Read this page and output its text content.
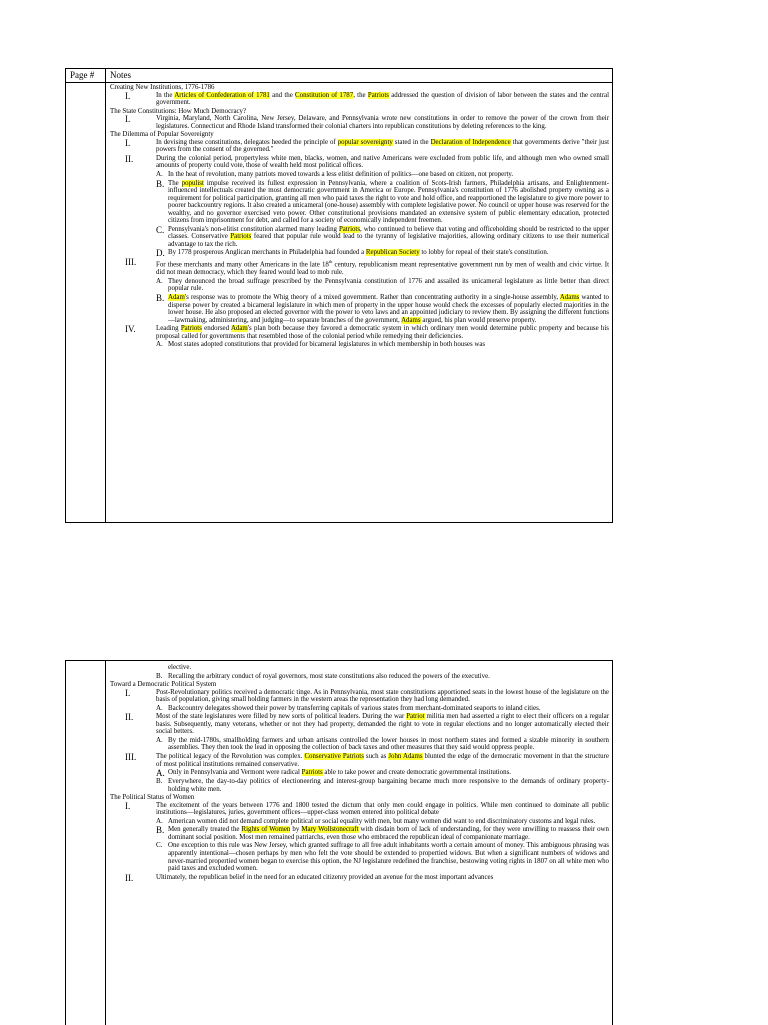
Page # Notes

Creating New Institutions, 1776-1786

I.	In the Articles of Confederation of 1781 and the Constitution of 1787, the Patriots addressed the question of division of labor between the states and the central government.

The State Constitutions: How Much Democracy?

I.	Virginia, Maryland, North Carolina, New Jersey, Delaware, and Pennsylvania wrote new constitutions in order to remove the power of the crown from their legislatures. Connecticut and Rhode Island transformed their colonial charters into republican constitutions by deleting references to the king.

The Dilemma of Popular Sovereignty

I.	In devising these constitutions, delegates heeded the principle of popular sovereignty stated in the Declaration of Independence that governments derive "their just powers from the consent of the governed."
II.	During the colonial period, propertyless white men, blacks, women, and native Americans were excluded from public life, and although men who owned small amounts of property could vote, those of wealth held most political offices.
A. In the heat of revolution, many patriots moved towards a less elitist definition of politics—one based on citizen, not property.
B. The populist impulse received its fullest expression in Pennsylvania, where a coalition of Scots-Irish farmers, Philadelphia artisans, and Enlightenment-influenced intellectuals created the most democratic government in America or Europe. Pennsylvania's constitution of 1776 abolished property owning as a requirement for political participation, granting all men who paid taxes the right to vote and hold office, and reapportioned the legislature to give more power to poorer backcountry regions. It also created a unicameral (one-house) assembly with complete legislative power. No council or upper house was reserved for the wealthy, and no governor exercised veto power. Other constitutional provisions mandated an extensive system of public elementary education, protected citizens from imprisonment for debt, and called for a society of economically independent freemen.
C. Pennsylvania's non-elitist constitution alarmed many leading Patriots, who continued to believe that voting and officeholding should be restricted to the upper classes. Conservative Patriots feared that popular rule would lead to the tyranny of legislative majorities, allowing ordinary citizens to use their numerical advantage to tax the rich.
D. By 1778 prosperous Anglican merchants in Philadelphia had founded a Republican Society to lobby for repeal of their state's constitution.
III.	For these merchants and many other Americans in the late 18th century, republicanism meant representative government run by men of wealth and civic virtue. It did not mean democracy, which they feared would lead to mob rule.
A. They denounced the broad suffrage prescribed by the Pennsylvania constitution of 1776 and assailed its unicameral legislature as little better than direct popular rule.
B. Adam's response was to promote the Whig theory of a mixed government. Rather than concentrating authority in a single-house assembly, Adams wanted to disperse power by created a bicameral legislature in which men of property in the upper house would check the excesses of popularly elected majorities in the lower house. He also proposed an elected governor with the power to veto laws and an appointed judiciary to review them. By assigning the different functions—lawmaking, administering, and judging—to separate branches of the government, Adams argued, his plan would preserve property.
IV.	Leading Patriots endorsed Adam's plan both because they favored a democratic system in which ordinary men would determine public property and because his proposal called for governments that resembled those of the colonial period while remedying their deficiencies.
A. Most states adopted constitutions that provided for bicameral legislatures in which membership in both houses was
elective.
B. Recalling the arbitrary conduct of royal governors, most state constitutions also reduced the powers of the executive.

Toward a Democratic Political System

I.	Post-Revolutionary politics received a democratic tinge. As in Pennsylvania, most state constitutions apportioned seats in the lowest house of the legislature on the basis of population, giving small holding farmers in the western areas the representation they had long demanded.
A. Backcountry delegates showed their power by transferring capitals of various states from merchant-dominated seaports to inland cities.
II.	Most of the state legislatures were filled by new sorts of political leaders. During the war Patriot militia men had asserted a right to elect their officers on a regular basis. Subsequently, many veterans, whether or not they had property, demanded the right to vote in regular elections and no longer automatically elected their social betters.
A. By the mid-1780s, smallholding farmers and urban artisans controlled the lower houses in most northern states and formed a sizable minority in southern assemblies. They then took the lead in opposing the collection of back taxes and other measures that they said would oppress people.
III.	The political legacy of the Revolution was complex. Conservative Patriots such as John Adams blunted the edge of the democratic movement in that the structure of most political institutions remained conservative.
A. Only in Pennsylvania and Vermont were radical Patriots able to take power and create democratic governmental institutions.
B. Everywhere, the day-to-day politics of electioneering and interest-group bargaining became much more responsive to the demands of ordinary property-holding white men.

The Political Status of Women

I.	The excitement of the years between 1776 and 1800 tested the dictum that only men could engage in politics. While men continued to dominate all public institutions—legislatures, juries, government offices—upper-class women entered into political debate
A. American women did not demand complete political or social equality with men, but many women did want to end discriminatory customs and legal rules.
B. Men generally treated the Rights of Women by Mary Wollstonecraft with disdain born of lack of understanding, for they were unwilling to reassess their own dominant social position. Most men remained patriarchs, even those who embraced the republican ideal of companionate marriage.
C. One exception to this rule was New Jersey, which granted suffrage to all free adult inhabitants worth a certain amount of money. This ambiguous phrasing was apparently intentional—chosen perhaps by men who felt the vote should be extended to propertied widows. But when a significant numbers of widows and never-married propertied women began to exercise this option, the NJ legislature redefined the franchise, bestowing voting rights in 1807 on all white men who paid taxes and excluded women.
II.	Ultimately, the republican belief in the need for an educated citizenry provided an avenue for the most important advances
